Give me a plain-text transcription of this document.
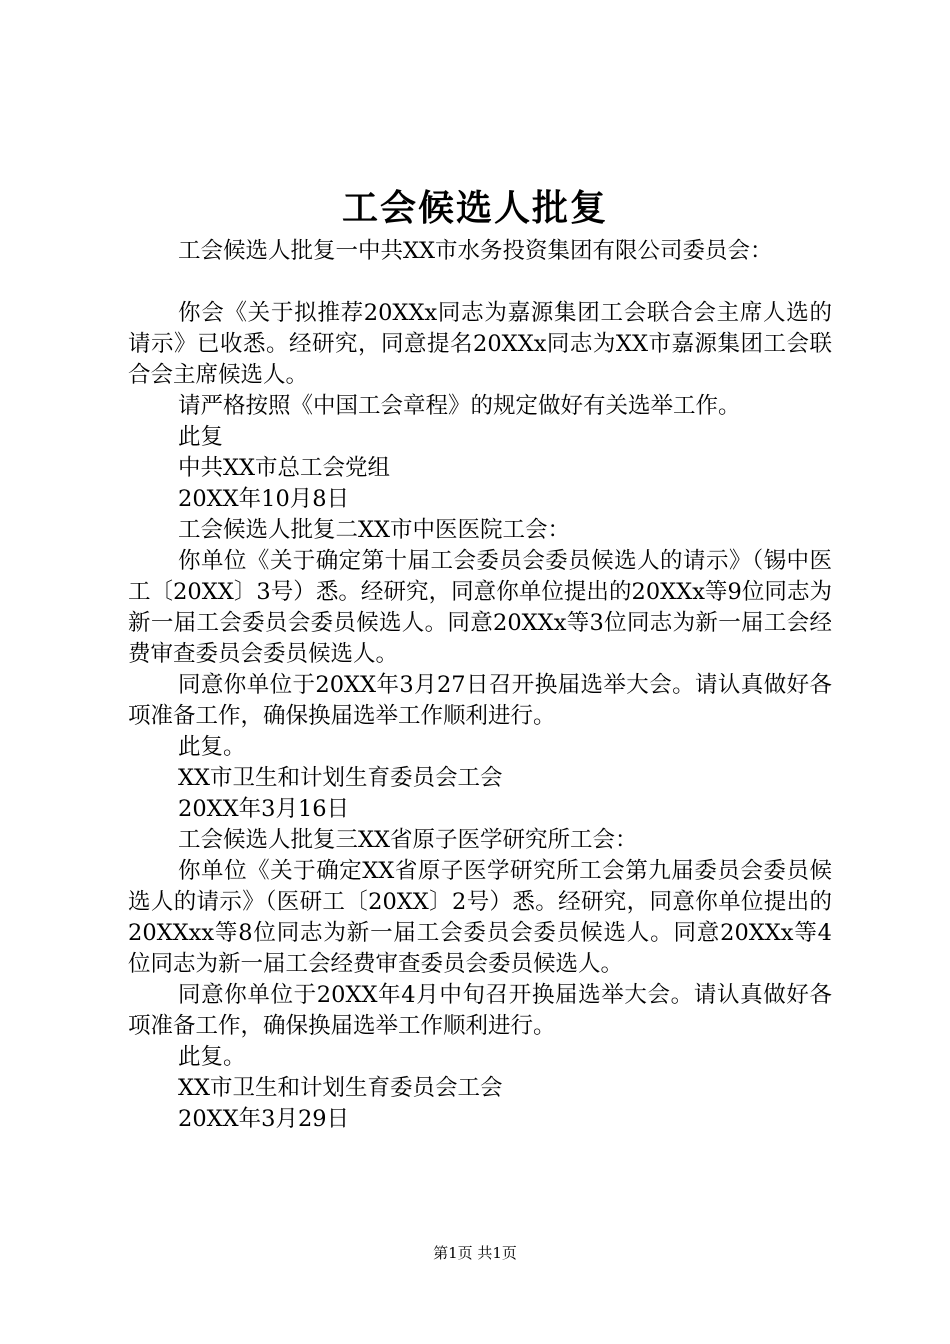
工会候选人批复

工会候选人批复一中共XX市水务投资集团有限公司委员会：

你会《关于拟推荐20XXx同志为嘉源集团工会联合会主席人选的请示》已收悉。经研究，同意提名20XXx同志为XX市嘉源集团工会联合会主席候选人。

请严格按照《中国工会章程》的规定做好有关选举工作。

此复

中共XX市总工会党组

20XX年10月8日

工会候选人批复二XX市中医医院工会：

你单位《关于确定第十届工会委员会委员候选人的请示》（锡中医工〔20XX〕3号）悉。经研究，同意你单位提出的20XXx等9位同志为新一届工会委员会委员候选人。同意20XXx等3位同志为新一届工会经费审查委员会委员候选人。

同意你单位于20XX年3月27日召开换届选举大会。请认真做好各项准备工作，确保换届选举工作顺利进行。

此复。

XX市卫生和计划生育委员会工会

20XX年3月16日

工会候选人批复三XX省原子医学研究所工会：

你单位《关于确定XX省原子医学研究所工会第九届委员会委员候选人的请示》（医研工〔20XX〕2号）悉。经研究，同意你单位提出的20XXxx等8位同志为新一届工会委员会委员候选人。同意20XXx等4位同志为新一届工会经费审查委员会委员候选人。

同意你单位于20XX年4月中旬召开换届选举大会。请认真做好各项准备工作，确保换届选举工作顺利进行。

此复。

XX市卫生和计划生育委员会工会

20XX年3月29日

第1页 共1页
